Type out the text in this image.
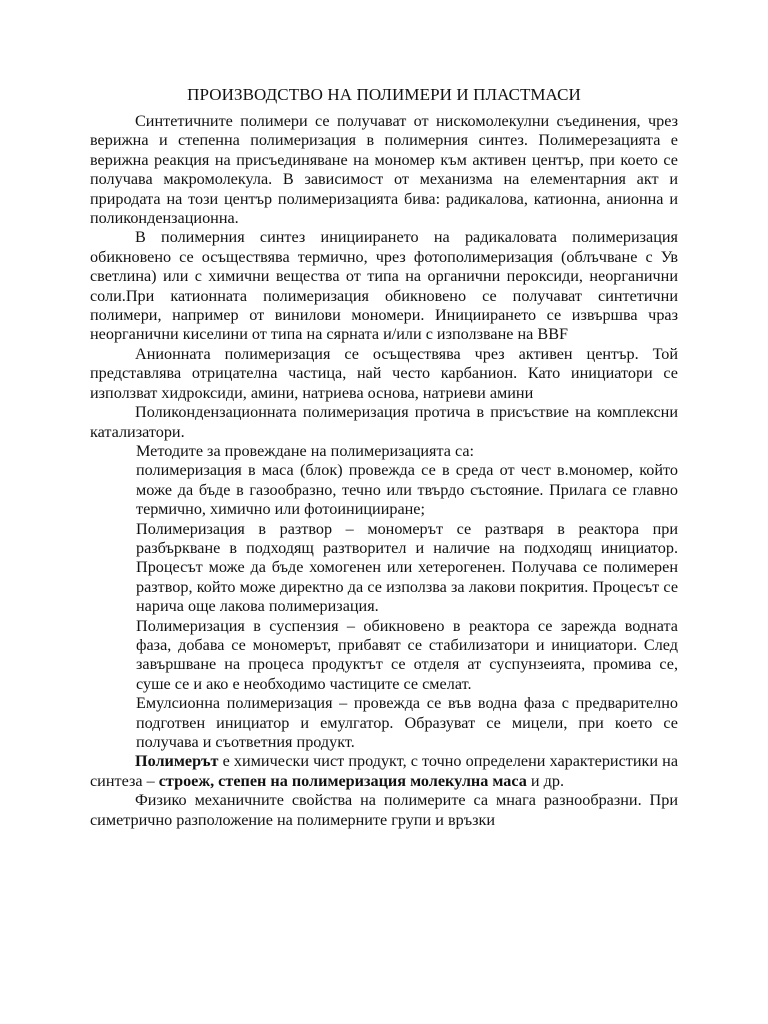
ПРОИЗВОДСТВО НА ПОЛИМЕРИ И ПЛАСТМАСИ

Синтетичните полимери се получават от нискомолекулни съединения, чрез верижна и степенна полимеризация в полимерния синтез. Полимерезацията е верижна реакция на присъединяване на мономер към активен център, при което се получава макромолекула. В зависимост от механизма на елементарния акт и природата на този център полимеризацията бива: радикалова, катионна, анионна и поликондензационна.

В полимерния синтез инициирането на радикаловата полимеризация обикновено се осъществява термично, чрез фотополимеризация (облъчване с Ув светлина) или с химични вещества от типа на органични пероксиди, неорганични соли.При катионната полимеризация обикновено се получават синтетични полимери, например от винилови мономери. Инициирането се извършва чраз неорганични киселини от типа на сярната и/или с използване на ВВF

Анионната полимеризация се осъществява чрез активен център. Той представлява отрицателна частица, най често карбанион. Като инициатори се използват хидроксиди, амини, натриева основа, натриеви амини

Поликондензационната полимеризация протича в присъствие на комплексни катализатори.

Методите за провеждане на полимеризацията са:

полимеризация в маса (блок) провежда се в среда от чест в.мономер, който може да бъде в газообразно, течно или твърдо състояние. Прилага се главно термично, химично или фотоиницииране;

Полимеризация в разтвор – мономерът се разтваря в реактора при разбъркване в подходящ разтворител и наличие на подходящ инициатор. Процесът може да бъде хомогенен или хетерогенен. Получава се полимерен разтвор, който може директно да се използва за лакови покрития. Процесът се нарича още лакова полимеризация.

Полимеризация в суспензия – обикновено в реактора се зарежда водната фаза, добава се мономерът, прибавят се стабилизатори и инициатори. След завършване на процеса продуктът се отделя ат суспунзеията, промива се, суше се и ако е необходимо частиците се смелат.

Емулсионна полимеризация – провежда се във водна фаза с предварително подготвен инициатор и емулгатор. Образуват се мицели, при което се получава и съответния продукт.

Полимерът е химически чист продукт, с точно определени характеристики на синтеза – строеж, степен на полимеризация молекулна маса и др.

Физико механичните свойства на полимерите са мнага разнообразни. При симетрично разположение на полимерните групи и връзки
